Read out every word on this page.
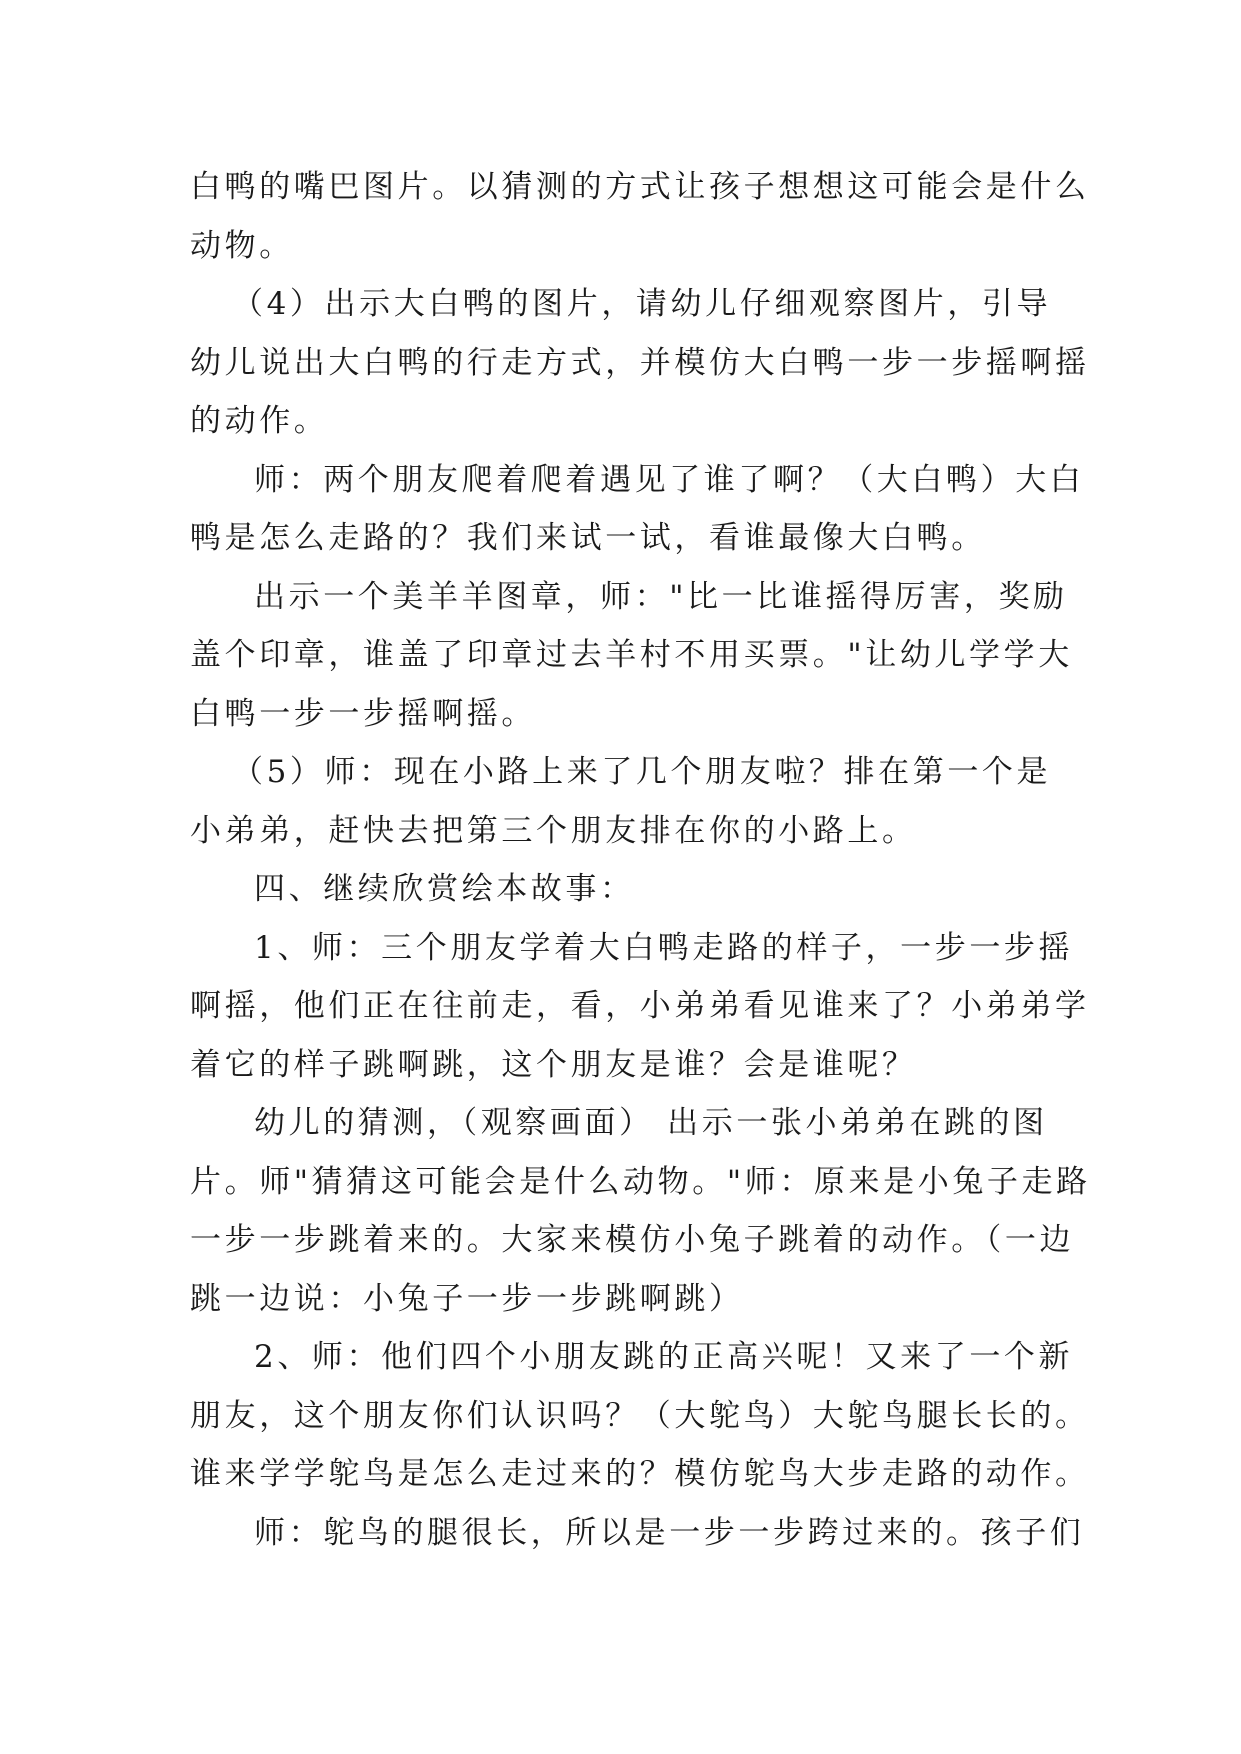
白鸭的嘴巴图片。以猜测的方式让孩子想想这可能会是什么
动物。

（4）出示大白鸭的图片，请幼儿仔细观察图片，引导
幼儿说出大白鸭的行走方式，并模仿大白鸭一步一步摇啊摇
的动作。

师：两个朋友爬着爬着遇见了谁了啊？（大白鸭）大白
鸭是怎么走路的？我们来试一试，看谁最像大白鸭。

出示一个美羊羊图章，师："比一比谁摇得厉害，奖励
盖个印章，谁盖了印章过去羊村不用买票。"让幼儿学学大
白鸭一步一步摇啊摇。

（5）师：现在小路上来了几个朋友啦？排在第一个是
小弟弟，赶快去把第三个朋友排在你的小路上。

四、继续欣赏绘本故事：

1、师：三个朋友学着大白鸭走路的样子，一步一步摇
啊摇，他们正在往前走，看，小弟弟看见谁来了？小弟弟学
着它的样子跳啊跳，这个朋友是谁？会是谁呢？

幼儿的猜测，（观察画面） 出示一张小弟弟在跳的图
片。师"猜猜这可能会是什么动物。"师：原来是小兔子走路
一步一步跳着来的。大家来模仿小兔子跳着的动作。（一边
跳一边说：小兔子一步一步跳啊跳）

2、师：他们四个小朋友跳的正高兴呢！又来了一个新
朋友，这个朋友你们认识吗？（大鸵鸟）大鸵鸟腿长长的。
谁来学学鸵鸟是怎么走过来的？模仿鸵鸟大步走路的动作。

师：鸵鸟的腿很长，所以是一步一步跨过来的。孩子们
